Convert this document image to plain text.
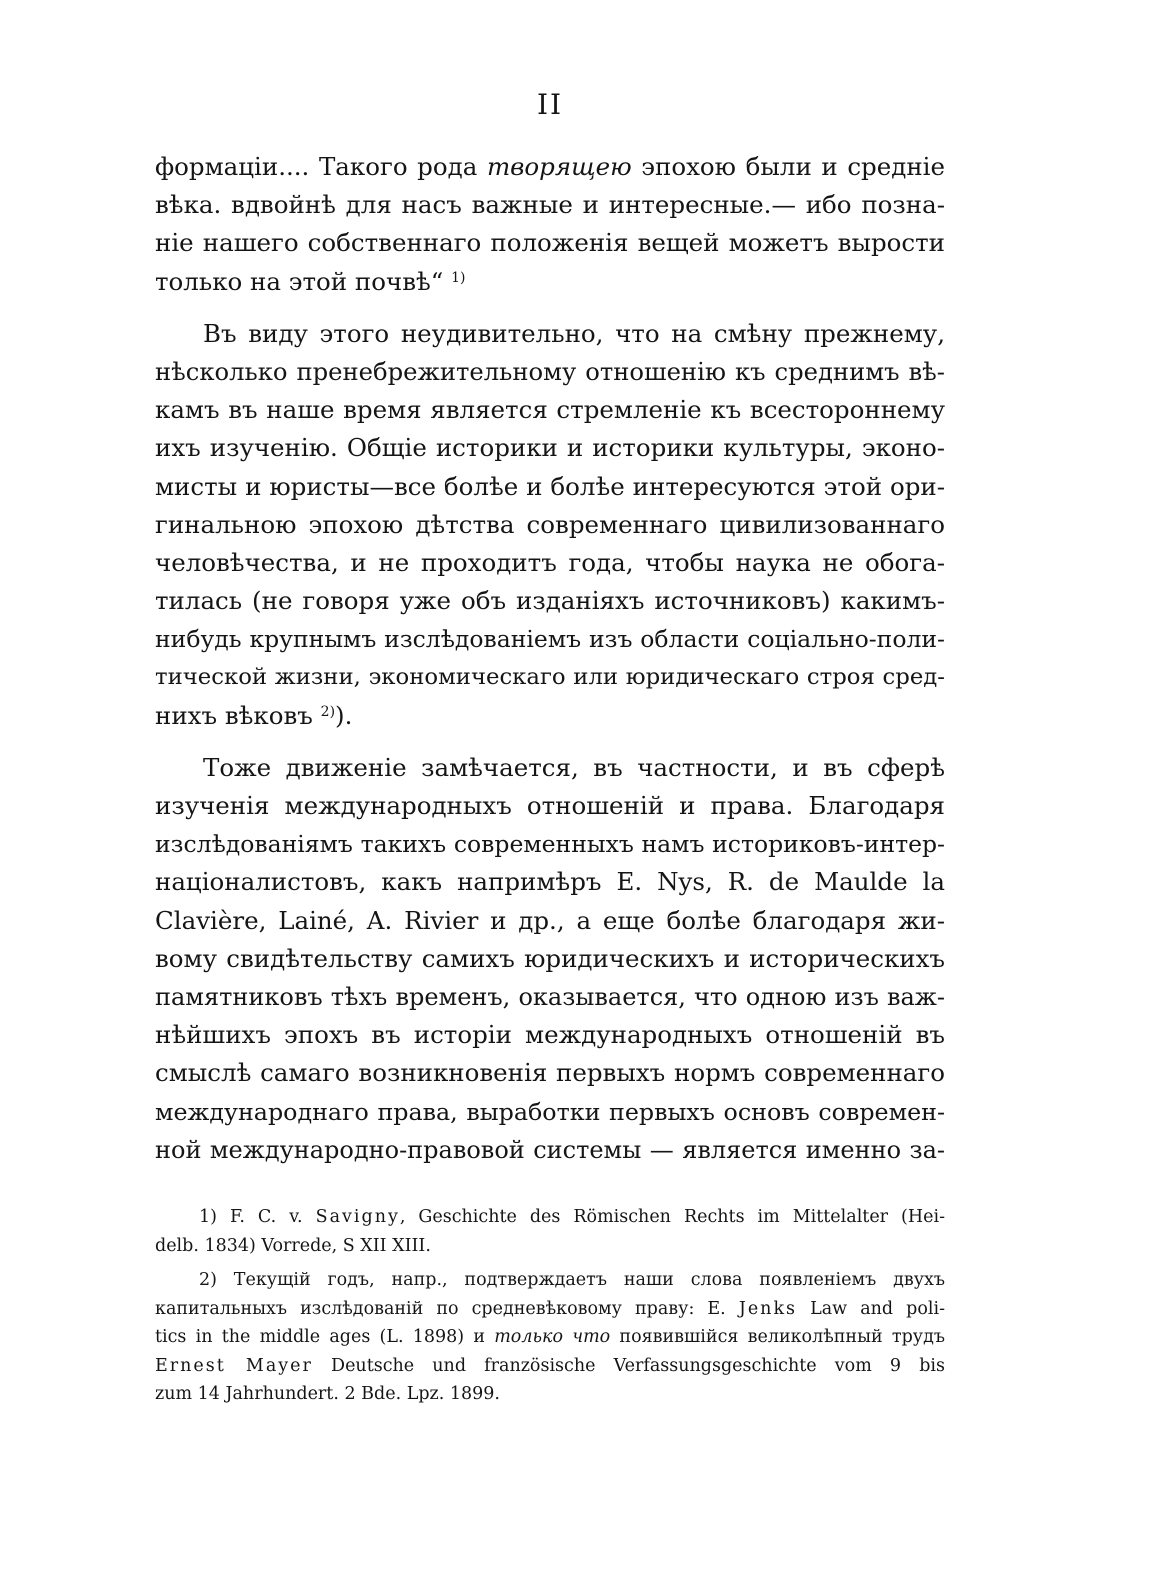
II
формаціи.... Такого рода творящею эпохою были и средніе
вѣка. вдвойнѣ для насъ важные и интересные.— ибо позна-
ніе нашего собственнаго положенія вещей можетъ вырости
только на этой почвѣ“ $^{1)}$
Въ виду этого неудивительно, что на смѣну прежнему,
нѣсколько пренебрежительному отношенію къ среднимъ вѣ-
камъ въ наше время является стремленіе къ всестороннему
ихъ изученію. Общіе историки и историки культуры, эконо-
мисты и юристы—все болѣе и болѣе интересуются этой ори-
гинальною эпохою дѣтства современнаго цивилизованнаго
человѣчества, и не проходитъ года, чтобы наука не обога-
тилась (не говоря уже объ изданіяхъ источниковъ) какимъ-
нибудь крупнымъ изслѣдованіемъ изъ области соціально-поли-
тической жизни, экономическаго или юридическаго строя сред-
нихъ вѣковъ $^{2)}$).
Тоже движеніе замѣчается, въ частности, и въ сферѣ
изученія международныхъ отношеній и права. Благодаря
изслѣдованіямъ такихъ современныхъ намъ историковъ-интер-
націоналистовъ, какъ напримѣръ E. Nys, R. de Maulde la
Clavière, Lainé, A. Rivier и др., а еще болѣе благодаря жи-
вому свидѣтельству самихъ юридическихъ и историческихъ
памятниковъ тѣхъ временъ, оказывается, что одною изъ важ-
нѣйшихъ эпохъ въ исторіи международныхъ отношеній въ
смыслѣ самаго возникновенія первыхъ нормъ современнаго
международнаго права, выработки первыхъ основъ современ-
ной международно-правовой системы — является именно за-
1) F. C. v. Savigny, Geschichte des Römischen Rechts im Mittelalter (Hei-
delb. 1834) Vorrede, S XII XIII.
2) Текущій годъ, напр., подтверждаетъ наши слова появленіемъ двухъ
капитальныхъ изслѣдованій по средневѣковому праву: E. Jenks Law and poli-
tics in the middle ages (L. 1898) и только что появившійся великолѣпный трудъ
Ernest Mayer Deutsche und französische Verfassungsgeschichte vom 9 bis
zum 14 Jahrhundert. 2 Bde. Lpz. 1899.
